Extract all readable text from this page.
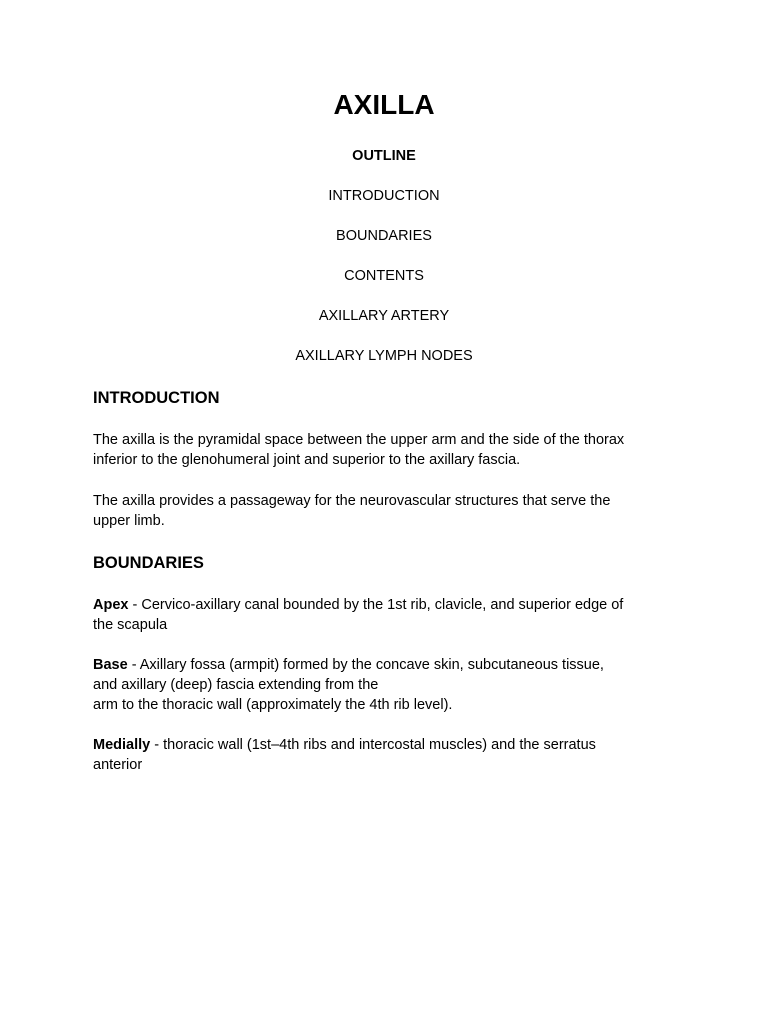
AXILLA
OUTLINE
INTRODUCTION
BOUNDARIES
CONTENTS
AXILLARY ARTERY
AXILLARY LYMPH NODES
INTRODUCTION

The axilla is the pyramidal space between the upper arm and the side of the thorax
inferior to the glenohumeral joint and superior to the axillary fascia.

The axilla provides a passageway for the neurovascular structures that serve the
upper limb.

BOUNDARIES

Apex - Cervico-axillary canal bounded by the 1st rib, clavicle, and superior edge of
the scapula

Base - Axillary fossa (armpit) formed by the concave skin, subcutaneous tissue,
and axillary (deep) fascia extending from the
arm to the thoracic wall (approximately the 4th rib level).

Medially - thoracic wall (1st–4th ribs and intercostal muscles) and the serratus
anterior
